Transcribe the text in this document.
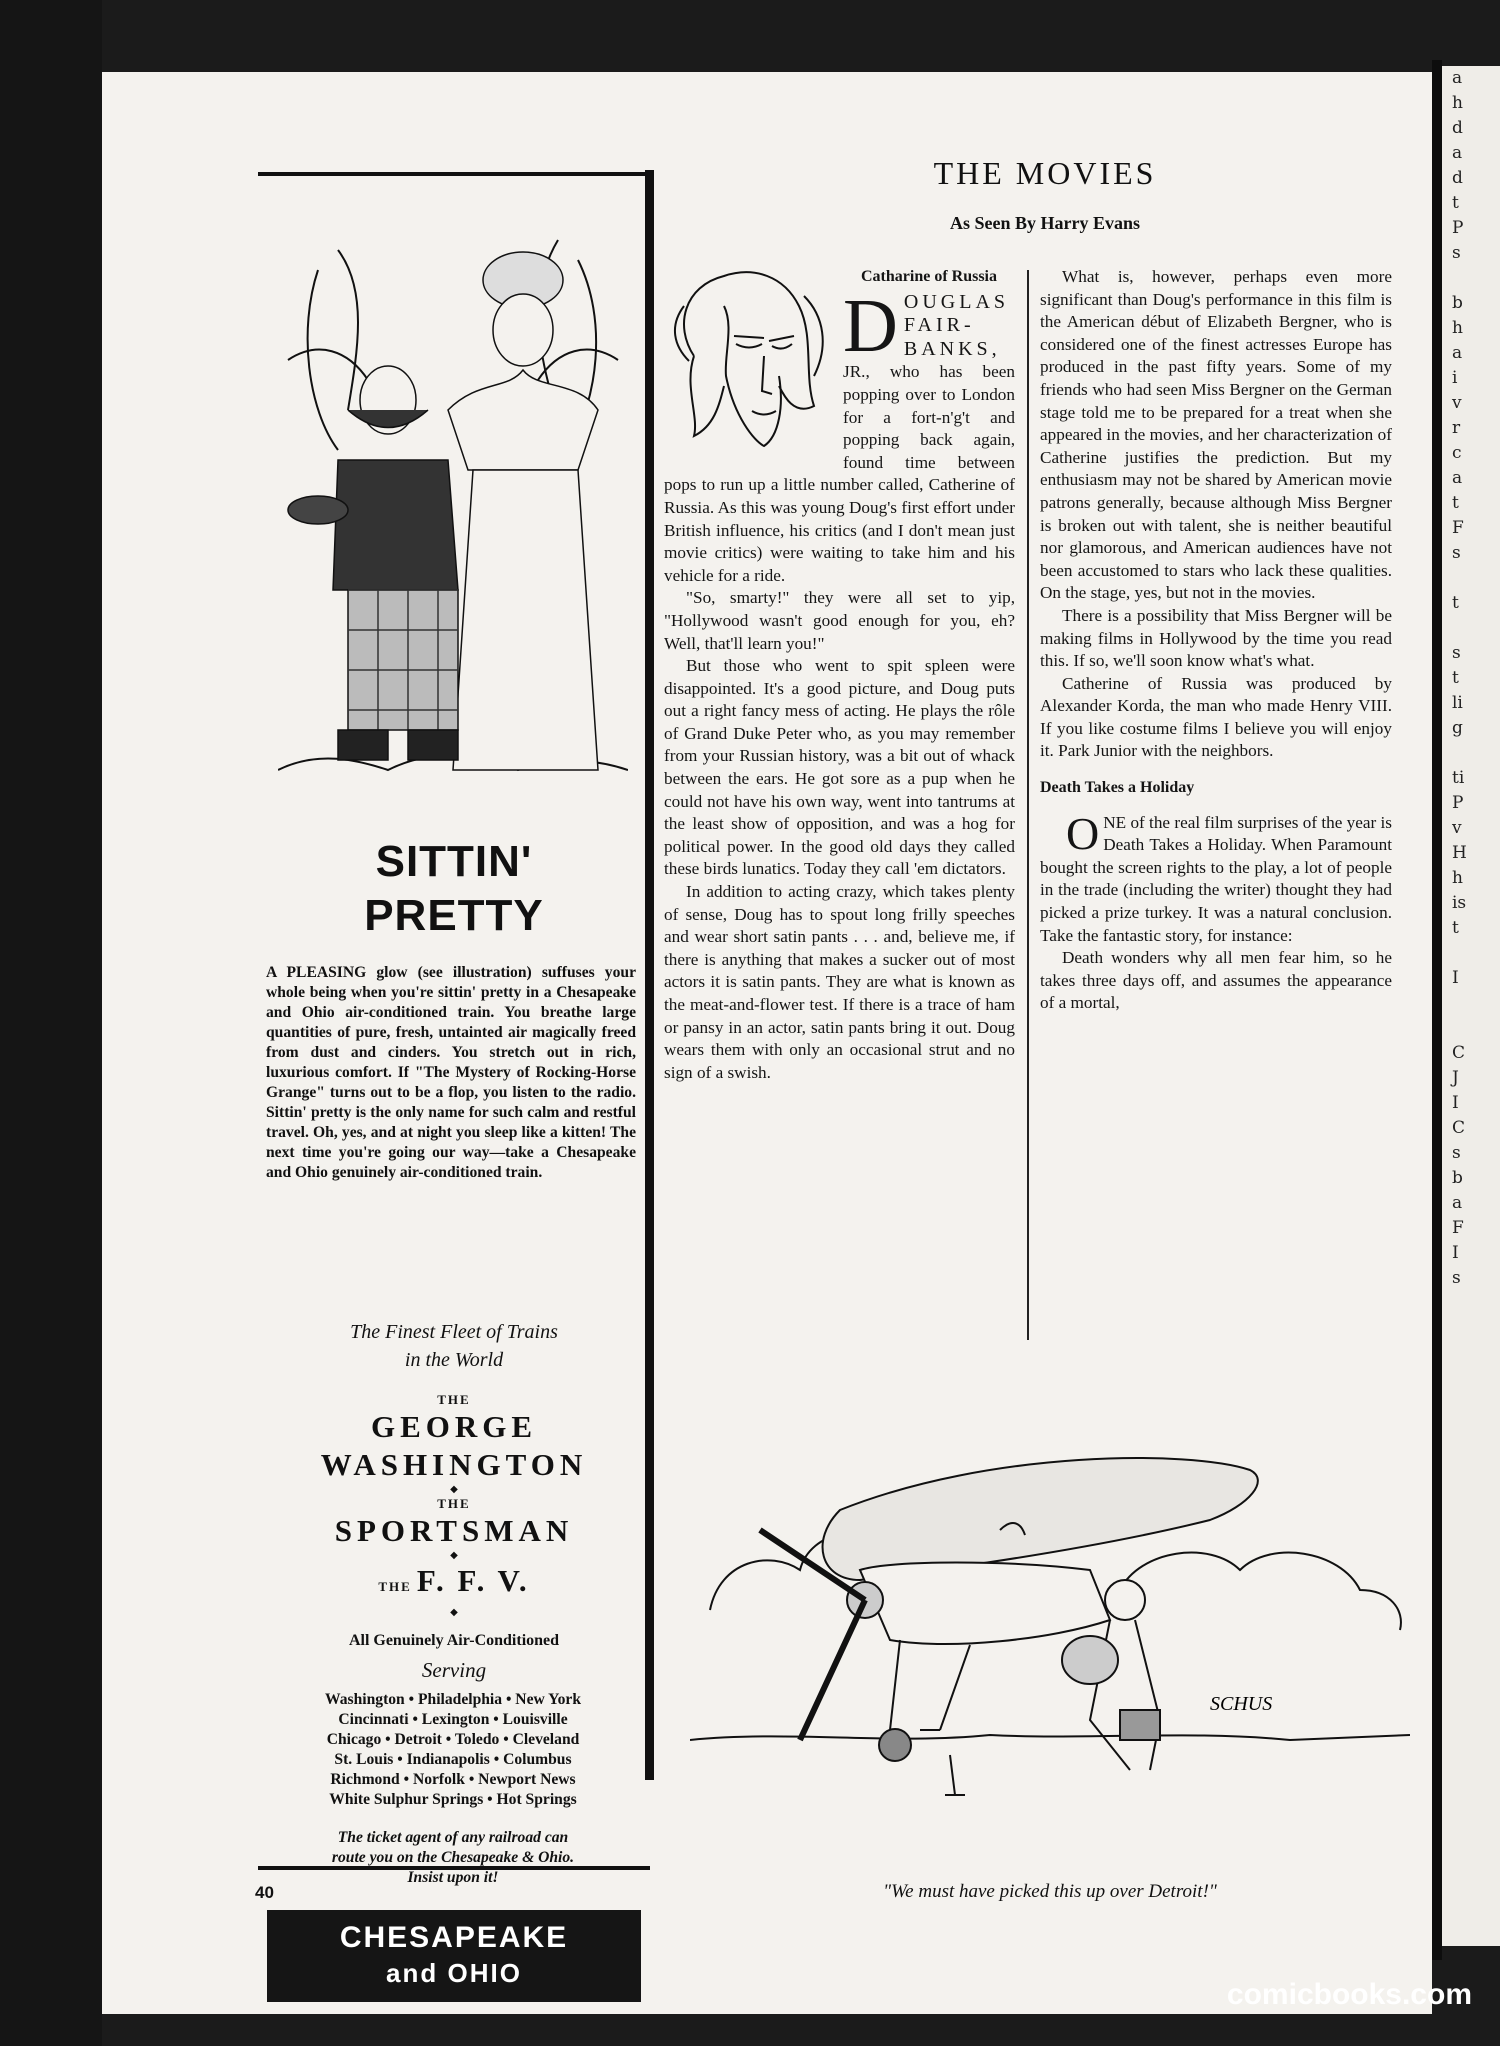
a
h
d
a
d
t
P
s

b
h
a
i
v
r
c
a
t
F
s

t

s
t
li
g

ti
P
v
H
h
is
t

I

C
J
I
C
s
b
a
F
I
s
40
SITTIN'
PRETTY
A PLEASING glow (see illustration) suffuses your whole being when you're sittin' pretty in a Chesapeake and Ohio air-conditioned train. You breathe large quantities of pure, fresh, untainted air magically freed from dust and cinders. You stretch out in rich, luxurious comfort. If "The Mystery of Rocking-Horse Grange" turns out to be a flop, you listen to the radio. Sittin' pretty is the only name for such calm and restful travel. Oh, yes, and at night you sleep like a kitten! The next time you're going our way—take a Chesapeake and Ohio genuinely air-conditioned train.
The Finest Fleet of Trains
in the World
THE
GEORGE
WASHINGTON
◆
THE
SPORTSMAN
◆
THE F. F. V.
◆
All Genuinely Air-Conditioned
Serving
Washington • Philadelphia • New York
Cincinnati • Lexington • Louisville
Chicago • Detroit • Toledo • Cleveland
St. Louis • Indianapolis • Columbus
Richmond • Norfolk • Newport News
White Sulphur Springs • Hot Springs
The ticket agent of any railroad can
route you on the Chesapeake & Ohio.
Insist upon it!
CHESAPEAKE
and OHIO
THE MOVIES
As Seen By Harry Evans

Catharine of Russia

DOUGLAS FAIR-BANKS, JR., who has been popping over to London for a fort-n'g't and popping back again, found time between pops to run up a little number called, Catherine of Russia. As this was young Doug's first effort under British influence, his critics (and I don't mean just movie critics) were waiting to take him and his vehicle for a ride.

"So, smarty!" they were all set to yip, "Hollywood wasn't good enough for you, eh? Well, that'll learn you!"

But those who went to spit spleen were disappointed. It's a good picture, and Doug puts out a right fancy mess of acting. He plays the rôle of Grand Duke Peter who, as you may remember from your Russian history, was a bit out of whack between the ears. He got sore as a pup when he could not have his own way, went into tantrums at the least show of opposition, and was a hog for political power. In the good old days they called these birds lunatics. Today they call 'em dictators.

In addition to acting crazy, which takes plenty of sense, Doug has to spout long frilly speeches and wear short satin pants . . . and, believe me, if there is anything that makes a sucker out of most actors it is satin pants. They are what is known as the meat-and-flower test. If there is a trace of ham or pansy in an actor, satin pants bring it out. Doug wears them with only an occasional strut and no sign of a swish.

What is, however, perhaps even more significant than Doug's performance in this film is the American début of Elizabeth Bergner, who is considered one of the finest actresses Europe has produced in the past fifty years. Some of my friends who had seen Miss Bergner on the German stage told me to be prepared for a treat when she appeared in the movies, and her characterization of Catherine justifies the prediction. But my enthusiasm may not be shared by American movie patrons generally, because although Miss Bergner is broken out with talent, she is neither beautiful nor glamorous, and American audiences have not been accustomed to stars who lack these qualities. On the stage, yes, but not in the movies.

There is a possibility that Miss Bergner will be making films in Hollywood by the time you read this. If so, we'll soon know what's what.

Catherine of Russia was produced by Alexander Korda, the man who made Henry VIII. If you like costume films I believe you will enjoy it. Park Junior with the neighbors.

Death Takes a Holiday

ONE of the real film surprises of the year is Death Takes a Holiday. When Paramount bought the screen rights to the play, a lot of people in the trade (including the writer) thought they had picked a prize turkey. It was a natural conclusion. Take the fantastic story, for instance:

Death wonders why all men fear him, so he takes three days off, and assumes the appearance of a mortal,

SCHUS
"We must have picked this up over Detroit!"
comicbooks.com
